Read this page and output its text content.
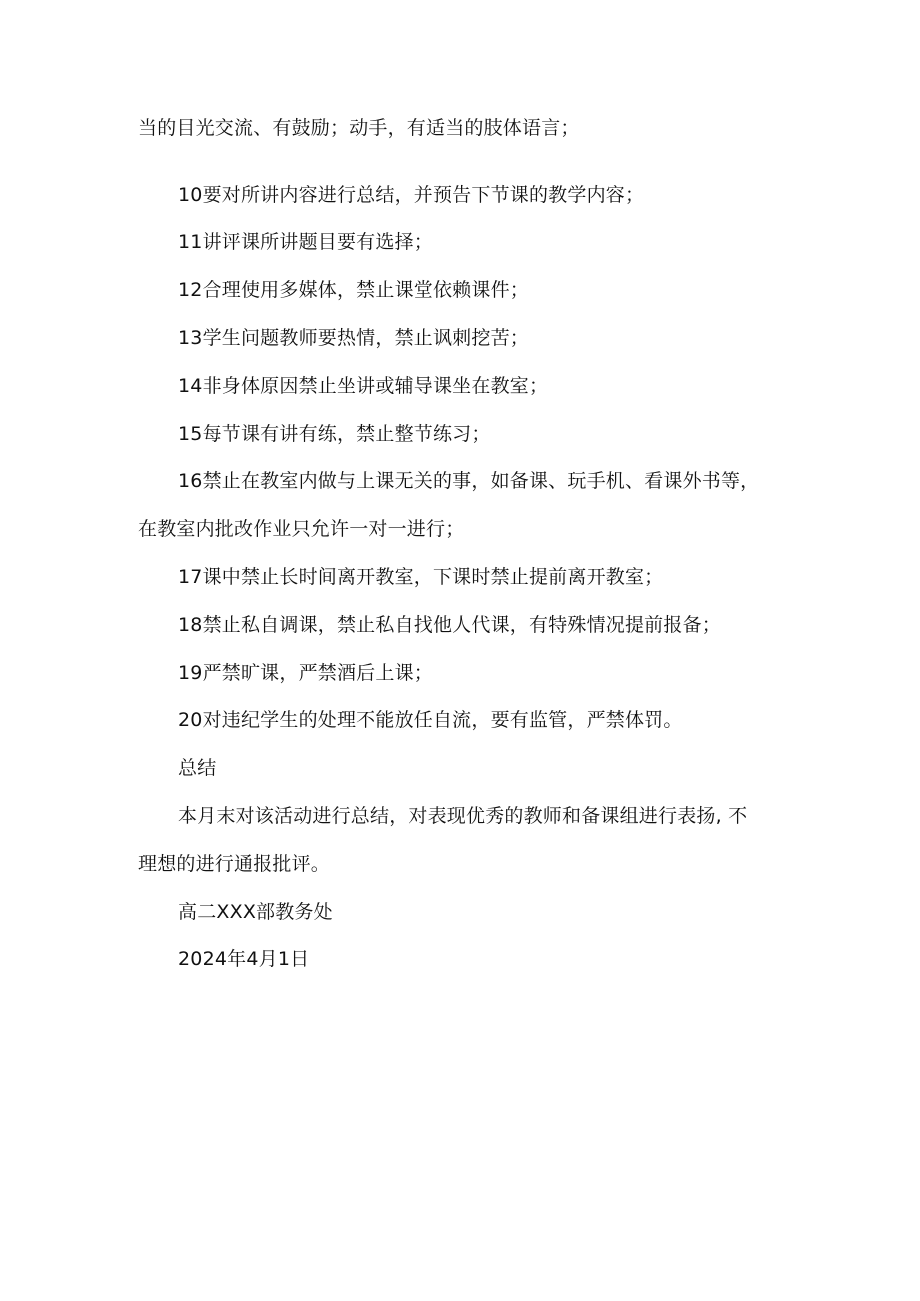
当的目光交流、有鼓励；动手，有适当的肢体语言；
10要对所讲内容进行总结，并预告下节课的教学内容；
11讲评课所讲题目要有选择；
12合理使用多媒体，禁止课堂依赖课件；
13学生问题教师要热情，禁止讽刺挖苦；
14非身体原因禁止坐讲或辅导课坐在教室；
15每节课有讲有练，禁止整节练习；
16禁止在教室内做与上课无关的事，如备课、玩手机、看课外书等，
在教室内批改作业只允许一对一进行；
17课中禁止长时间离开教室，下课时禁止提前离开教室；
18禁止私自调课，禁止私自找他人代课，有特殊情况提前报备；
19严禁旷课，严禁酒后上课；
20对违纪学生的处理不能放任自流，要有监管，严禁体罚。
总结
本月末对该活动进行总结，对表现优秀的教师和备课组进行表扬, 不
理想的进行通报批评。
高二XXX部教务处
2024年4月1日
